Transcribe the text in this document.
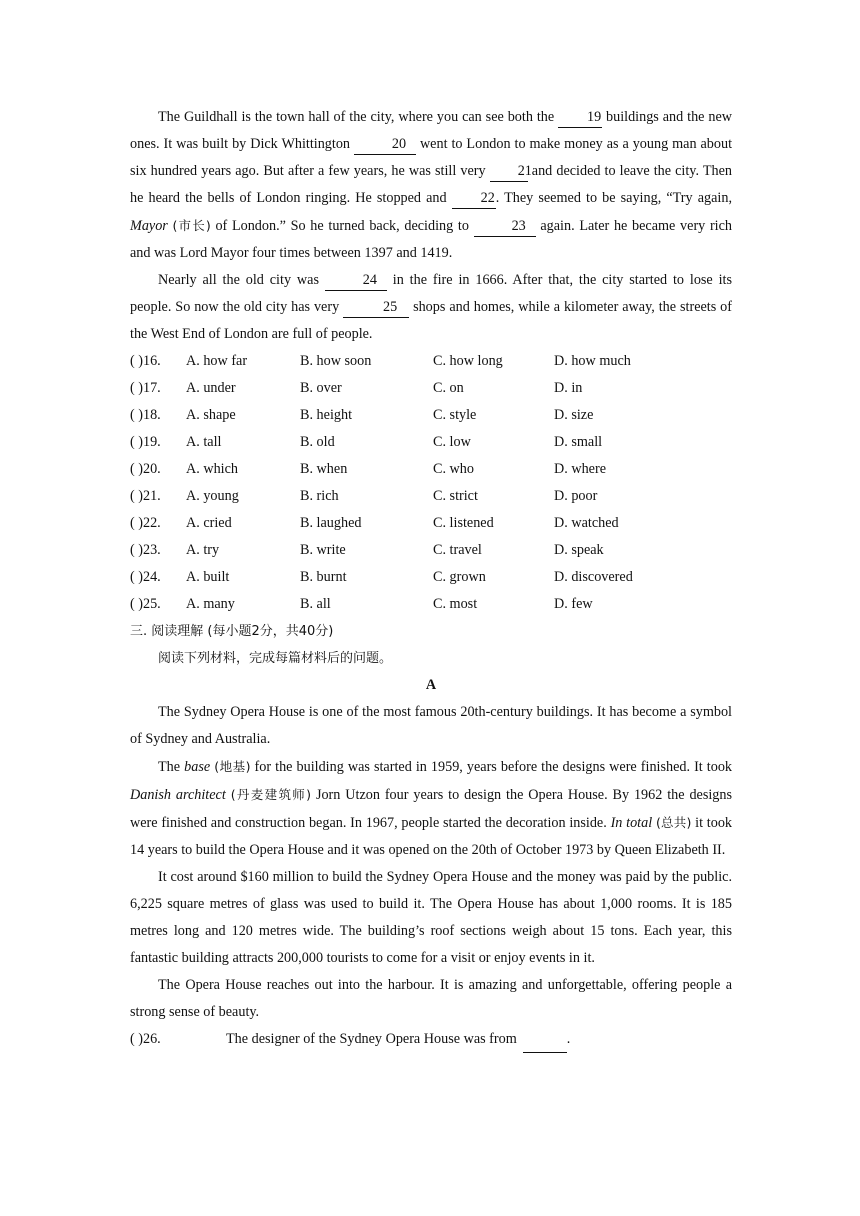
The Guildhall is the town hall of the city, where you can see both the 19 buildings and the new ones. It was built by Dick Whittington	20 went to London to make money as a young man about six hundred years ago. But after a few years, he was still very 21 and decided to leave the city. Then he heard the bells of London ringing. He stopped and 22. They seemed to be saying, “Try again, Mayor (市长) of London.” So he turned back, deciding to	23 again. Later he became very rich and was Lord Mayor four times between 1397 and 1419.

Nearly all the old city was	24 in the fire in 1666. After that, the city started to lose its people. So now the old city has very	25 shops and homes, while a kilometer away, the streets of the West End of London are full of people.

( )16.	A. how far	B. how soon	C. how long	D. how much
( )17.	A. under	B. over	C. on	D. in
( )18.	A. shape	B. height	C. style	D. size
( )19.	A. tall	B. old	C. low	D. small
( )20.	A. which	B. when	C. who	D. where
( )21.	A. young	B. rich	C. strict	D. poor
( )22.	A. cried	B. laughed	C. listened	D. watched
( )23.	A. try	B. write	C. travel	D. speak
( )24.	A. built	B. burnt	C. grown	D. discovered
( )25.	A. many	B. all	C. most	D. few

三. 阅读理解 (每小题2分，共40分)

阅读下列材料，完成每篇材料后的问题。

A

The Sydney Opera House is one of the most famous 20th-century buildings. It has become a symbol of Sydney and Australia.

The base (地基) for the building was started in 1959, years before the designs were finished. It took Danish architect (丹麦建筑师) Jorn Utzon four years to design the Opera House. By 1962 the designs were finished and construction began. In 1967, people started the decoration inside. In total (总共) it took 14 years to build the Opera House and it was opened on the 20th of October 1973 by Queen Elizabeth II.

It cost around $160 million to build the Sydney Opera House and the money was paid by the public. 6,225 square metres of glass was used to build it. The Opera House has about 1,000 rooms. It is 185 metres long and 120 metres wide. The building’s roof sections weigh about 15 tons. Each year, this fantastic building attracts 200,000 tourists to come for a visit or enjoy events in it.

The Opera House reaches out into the harbour. It is amazing and unforgettable, offering people a strong sense of beauty.

( )26.	The designer of the Sydney Opera House was from	.
